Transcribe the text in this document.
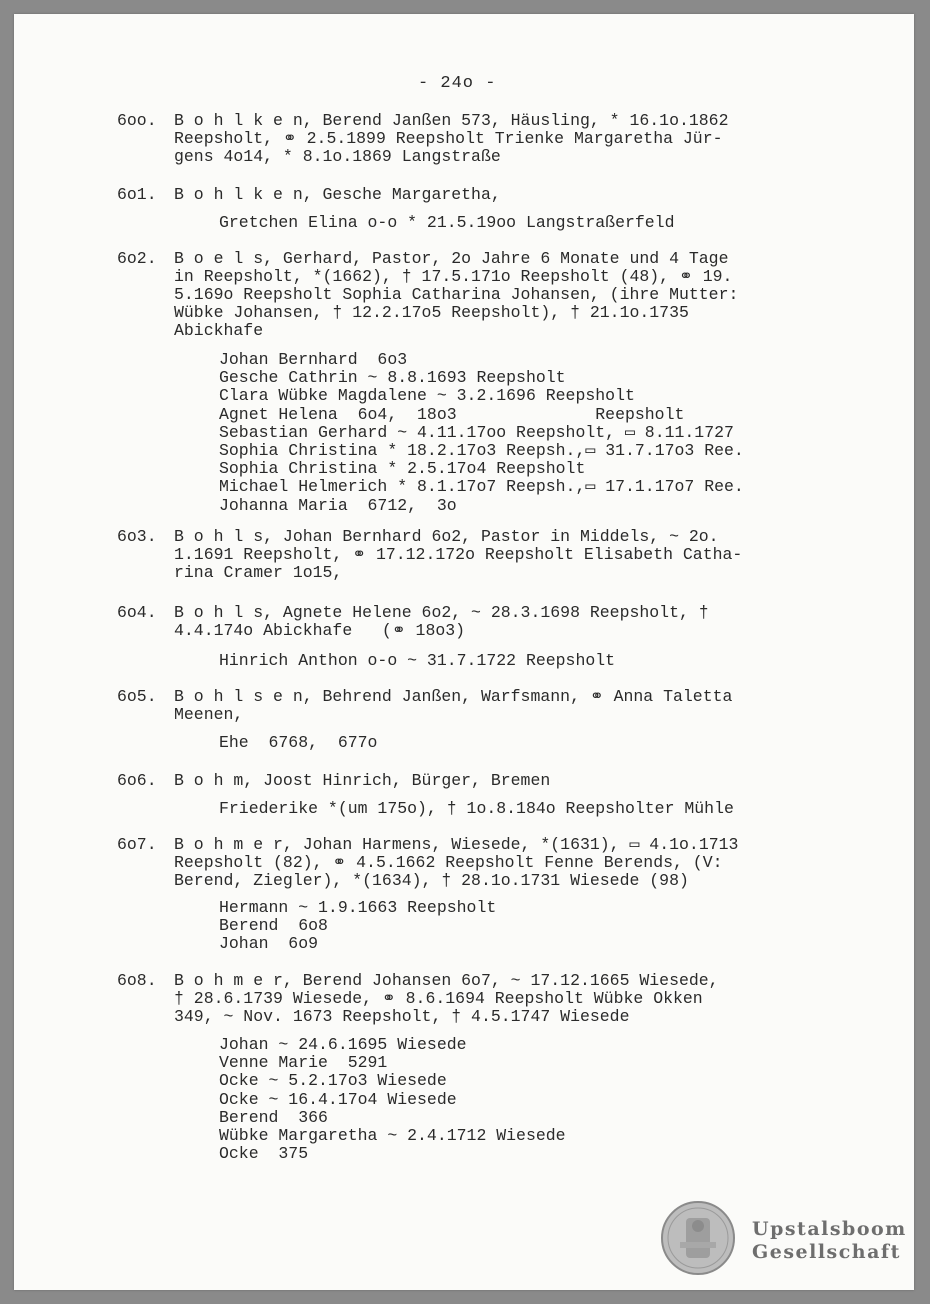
- 24o -
6oo.	B o h l k e n, Berend Janßen 573, Häusling, * 16.1o.1862
Reepsholt, ⚭ 2.5.1899 Reepsholt Trienke Margaretha Jür-
gens 4o14, * 8.1o.1869 Langstraße
6o1.	B o h l k e n, Gesche Margaretha,
Gretchen Elina o-o * 21.5.19oo Langstraßerfeld
6o2.	B o e l s, Gerhard, Pastor, 2o Jahre 6 Monate und 4 Tage
in Reepsholt, *(1662), † 17.5.171o Reepsholt (48), ⚭ 19.
5.169o Reepsholt Sophia Catharina Johansen, (ihre Mutter:
Wübke Johansen, † 12.2.17o5 Reepsholt), † 21.1o.1735
Abickhafe
Johan Bernhard  6o3
Gesche Cathrin ~ 8.8.1693 Reepsholt
Clara Wübke Magdalene ~ 3.2.1696 Reepsholt
Agnet Helena  6o4,  18o3              Reepsholt
Sebastian Gerhard ~ 4.11.17oo Reepsholt, ▭ 8.11.1727
Sophia Christina * 18.2.17o3 Reepsh.,▭ 31.7.17o3 Ree.
Sophia Christina * 2.5.17o4 Reepsholt
Michael Helmerich * 8.1.17o7 Reepsh.,▭ 17.1.17o7 Ree.
Johanna Maria  6712,  3o
6o3.	B o h l s, Johan Bernhard 6o2, Pastor in Middels, ~ 2o.
1.1691 Reepsholt, ⚭ 17.12.172o Reepsholt Elisabeth Catha-
rina Cramer 1o15,
6o4.	B o h l s, Agnete Helene 6o2, ~ 28.3.1698 Reepsholt, †
4.4.174o Abickhafe   (⚭ 18o3)
Hinrich Anthon o-o ~ 31.7.1722 Reepsholt
6o5.	B o h l s e n, Behrend Janßen, Warfsmann, ⚭ Anna Taletta
Meenen,
Ehe  6768,  677o
6o6.	B o h m, Joost Hinrich, Bürger, Bremen
Friederike *(um 175o), † 1o.8.184o Reepsholter Mühle
6o7.	B o h m e r, Johan Harmens, Wiesede, *(1631), ▭ 4.1o.1713
Reepsholt (82), ⚭ 4.5.1662 Reepsholt Fenne Berends, (V:
Berend, Ziegler), *(1634), † 28.1o.1731 Wiesede (98)
Hermann ~ 1.9.1663 Reepsholt
Berend  6o8
Johan  6o9
6o8.	B o h m e r, Berend Johansen 6o7, ~ 17.12.1665 Wiesede,
† 28.6.1739 Wiesede, ⚭ 8.6.1694 Reepsholt Wübke Okken
349, ~ Nov. 1673 Reepsholt, † 4.5.1747 Wiesede
Johan ~ 24.6.1695 Wiesede
Venne Marie  5291
Ocke ~ 5.2.17o3 Wiesede
Ocke ~ 16.4.17o4 Wiesede
Berend  366
Wübke Margaretha ~ 2.4.1712 Wiesede
Ocke  375
Upstalsboom
Gesellschaft
